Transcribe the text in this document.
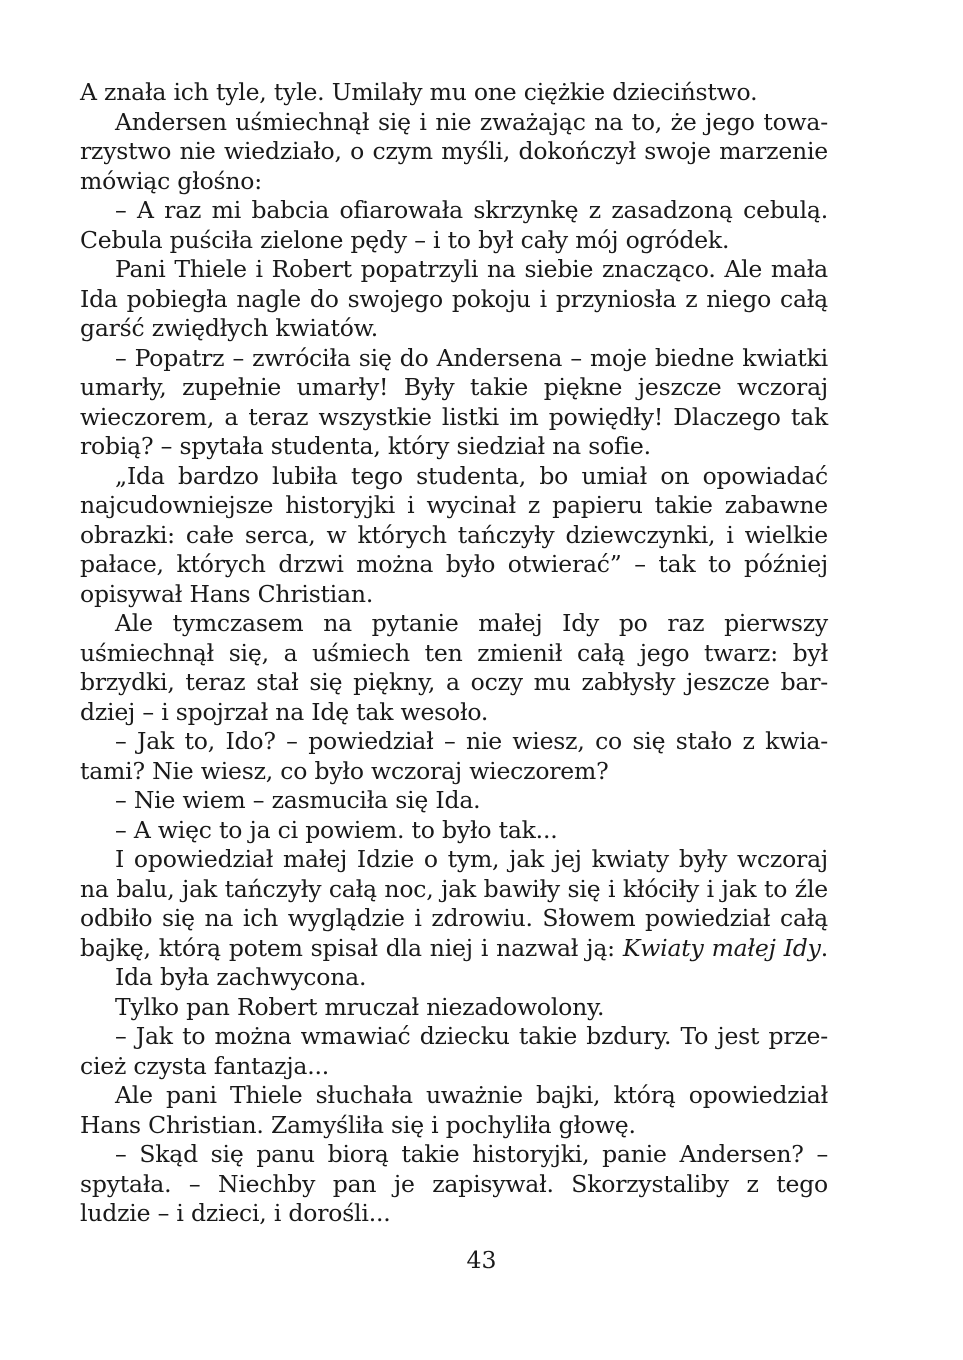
A znała ich tyle, tyle. Umilały mu one ciężkie dzieciństwo.
Andersen uśmiechnął się i nie zważając na to, że jego towa-
rzystwo nie wiedziało, o czym myśli, dokończył swoje marzenie
mówiąc głośno:
– A raz mi babcia ofiarowała skrzynkę z zasadzoną cebulą.
Cebula puściła zielone pędy – i to był cały mój ogródek.
Pani Thiele i Robert popatrzyli na siebie znacząco. Ale mała
Ida pobiegła nagle do swojego pokoju i przyniosła z niego całą
garść zwiędłych kwiatów.
– Popatrz – zwróciła się do Andersena – moje biedne kwiatki
umarły, zupełnie umarły! Były takie piękne jeszcze wczoraj
wieczorem, a teraz wszystkie listki im powiędły! Dlaczego tak
robią? – spytała studenta, który siedział na sofie.
„Ida bardzo lubiła tego studenta, bo umiał on opowiadać
najcudowniejsze historyjki i wycinał z papieru takie zabawne
obrazki: całe serca, w których tańczyły dziewczynki, i wielkie
pałace, których drzwi można było otwierać” – tak to później
opisywał Hans Christian.
Ale tymczasem na pytanie małej Idy po raz pierwszy
uśmiechnął się, a uśmiech ten zmienił całą jego twarz: był
brzydki, teraz stał się piękny, a oczy mu zabłysły jeszcze bar-
dziej – i spojrzał na Idę tak wesoło.
– Jak to, Ido? – powiedział – nie wiesz, co się stało z kwia-
tami? Nie wiesz, co było wczoraj wieczorem?
– Nie wiem – zasmuciła się Ida.
– A więc to ja ci powiem. to było tak...
I opowiedział małej Idzie o tym, jak jej kwiaty były wczoraj
na balu, jak tańczyły całą noc, jak bawiły się i kłóciły i jak to źle
odbiło się na ich wyglądzie i zdrowiu. Słowem powiedział całą
bajkę, którą potem spisał dla niej i nazwał ją: Kwiaty małej Idy.
Ida była zachwycona.
Tylko pan Robert mruczał niezadowolony.
– Jak to można wmawiać dziecku takie bzdury. To jest prze-
cież czysta fantazja...
Ale pani Thiele słuchała uważnie bajki, którą opowiedział
Hans Christian. Zamyśliła się i pochyliła głowę.
– Skąd się panu biorą takie historyjki, panie Andersen? –
spytała. – Niechby pan je zapisywał. Skorzystaliby z tego
ludzie – i dzieci, i dorośli...
43
